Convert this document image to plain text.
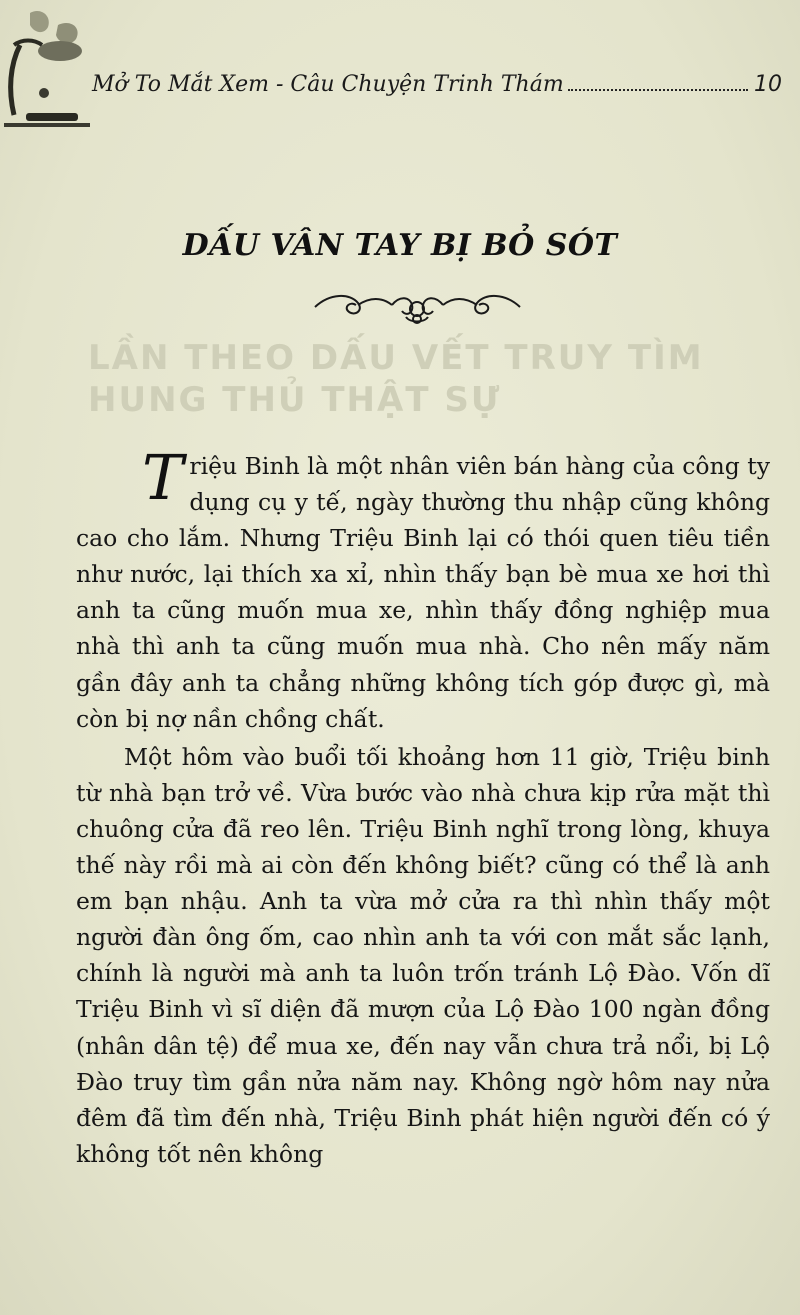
LẦN THEO DẤU VẾT TRUY TÌM
HUNG THỦ THẬT SỰ
Mở To Mắt Xem - Câu Chuyện Trinh Thám	10
DẤU VÂN TAY BỊ BỎ SÓT

Triệu Binh là một nhân viên bán hàng của công ty dụng cụ y tế, ngày thường thu nhập cũng không cao cho lắm. Nhưng Triệu Binh lại có thói quen tiêu tiền như nước, lại thích xa xỉ, nhìn thấy bạn bè mua xe hơi thì anh ta cũng muốn mua xe, nhìn thấy đồng nghiệp mua nhà thì anh ta cũng muốn mua nhà. Cho nên mấy năm gần đây anh ta chẳng những không tích góp được gì, mà còn bị nợ nần chồng chất.

Một hôm vào buổi tối khoảng hơn 11 giờ, Triệu binh từ nhà bạn trở về. Vừa bước vào nhà chưa kịp rửa mặt thì chuông cửa đã reo lên. Triệu Binh nghĩ trong lòng, khuya thế này rồi mà ai còn đến không biết? cũng có thể là anh em bạn nhậu. Anh ta vừa mở cửa ra thì nhìn thấy một người đàn ông ốm, cao nhìn anh ta với con mắt sắc lạnh, chính là người mà anh ta luôn trốn tránh Lộ Đào. Vốn dĩ Triệu Binh vì sĩ diện đã mượn của Lộ Đào 100 ngàn đồng (nhân dân tệ) để mua xe, đến nay vẫn chưa trả nổi, bị Lộ Đào truy tìm gần nửa năm nay. Không ngờ hôm nay nửa đêm đã tìm đến nhà, Triệu Binh phát hiện người đến có ý không tốt nên không
